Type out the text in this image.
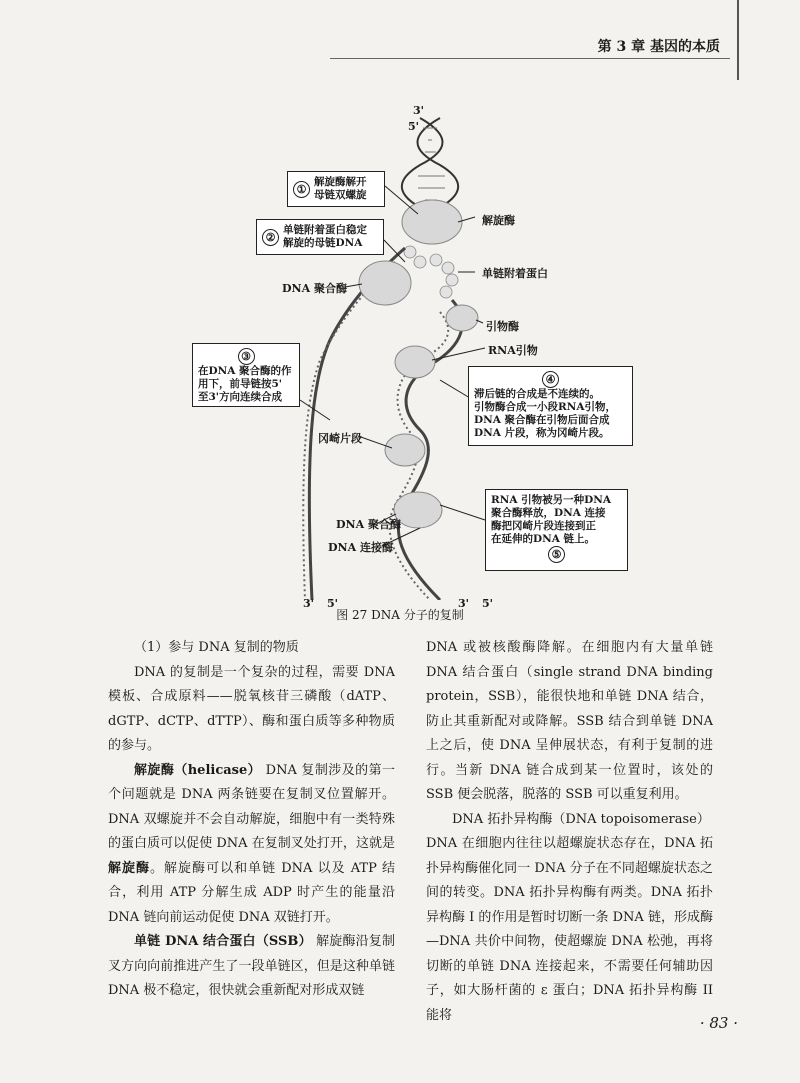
第 3 章 基因的本质
3'
5'
解旋酶
单链附着蛋白
DNA 聚合酶
引物酶
RNA引物
冈崎片段
DNA 聚合酶
DNA 连接酶
3' 5'	3' 5'
①
解旋酶解开
母链双螺旋
②
单链附着蛋白稳定
解旋的母链DNA
③
在DNA 聚合酶的作
用下，前导链按5'
至3'方向连续合成
④
滞后链的合成是不连续的。
引物酶合成一小段RNA引物，
DNA 聚合酶在引物后面合成
DNA 片段，称为冈崎片段。
RNA 引物被另一种DNA
聚合酶释放，DNA 连接
酶把冈崎片段连接到正
在延伸的DNA 链上。
⑤
图 27 DNA 分子的复制

（1）参与 DNA 复制的物质

DNA 的复制是一个复杂的过程，需要 DNA 模板、合成原料——脱氧核苷三磷酸（dATP、dGTP、dCTP、dTTP）、酶和蛋白质等多种物质的参与。

解旋酶（helicase） DNA 复制涉及的第一个问题就是 DNA 两条链要在复制叉位置解开。DNA 双螺旋并不会自动解旋，细胞中有一类特殊的蛋白质可以促使 DNA 在复制叉处打开，这就是解旋酶。解旋酶可以和单链 DNA 以及 ATP 结合，利用 ATP 分解生成 ADP 时产生的能量沿 DNA 链向前运动促使 DNA 双链打开。

单链 DNA 结合蛋白（SSB） 解旋酶沿复制叉方向向前推进产生了一段单链区，但是这种单链 DNA 极不稳定，很快就会重新配对形成双链

DNA 或被核酸酶降解。在细胞内有大量单链 DNA 结合蛋白（single strand DNA binding protein，SSB），能很快地和单链 DNA 结合，防止其重新配对或降解。SSB 结合到单链 DNA 上之后，使 DNA 呈伸展状态，有利于复制的进行。当新 DNA 链合成到某一位置时，该处的 SSB 便会脱落，脱落的 SSB 可以重复利用。

DNA 拓扑异构酶（DNA topoisomerase）

DNA 在细胞内往往以超螺旋状态存在，DNA 拓扑异构酶催化同一 DNA 分子在不同超螺旋状态之间的转变。DNA 拓扑异构酶有两类。DNA 拓扑异构酶 I 的作用是暂时切断一条 DNA 链，形成酶—DNA 共价中间物，使超螺旋 DNA 松弛，再将切断的单链 DNA 连接起来，不需要任何辅助因子，如大肠杆菌的 ε 蛋白；DNA 拓扑异构酶 II 能将	· 83 ·
